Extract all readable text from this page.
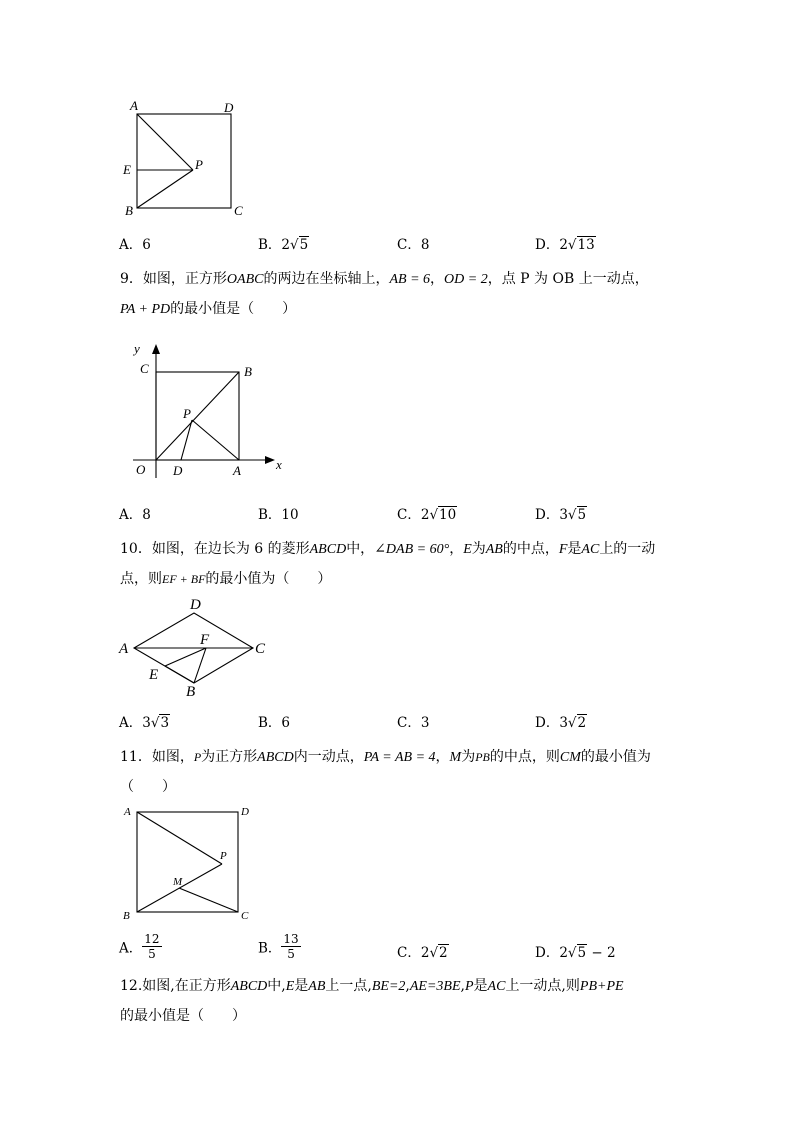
A	D
E	P
B	C
A．6	B．2√5	C．8	D．2√13
9．如图，正方形OABC的两边在坐标轴上，AB = 6，OD = 2，点 P 为 OB 上一动点，
PA + PD的最小值是（　　）
y
C	B
P
O D	A	x
A．8	B．10	C．2√10	D．3√5
10．如图，在边长为 6 的菱形ABCD中，∠DAB = 60°，E为AB的中点，F是AC上的一动
点，则EF + BF的最小值为（　　）
D
A
F
C
E
B
A．3√3	B．6	C．3	D．3√2
11．如图，P为正方形ABCD内一动点，PA = AB = 4，M为PB的中点，则CM的最小值为
（　　）
A	D
P
M
B	C
A． $\frac{12}{5}$	B． $\frac{13}{5}$	C．2√2	D．2√5 − 2
12.如图,在正方形ABCD中,E是AB上一点,BE=2,AE=3BE,P是AC上一动点,则PB+PE
的最小值是（　　）
